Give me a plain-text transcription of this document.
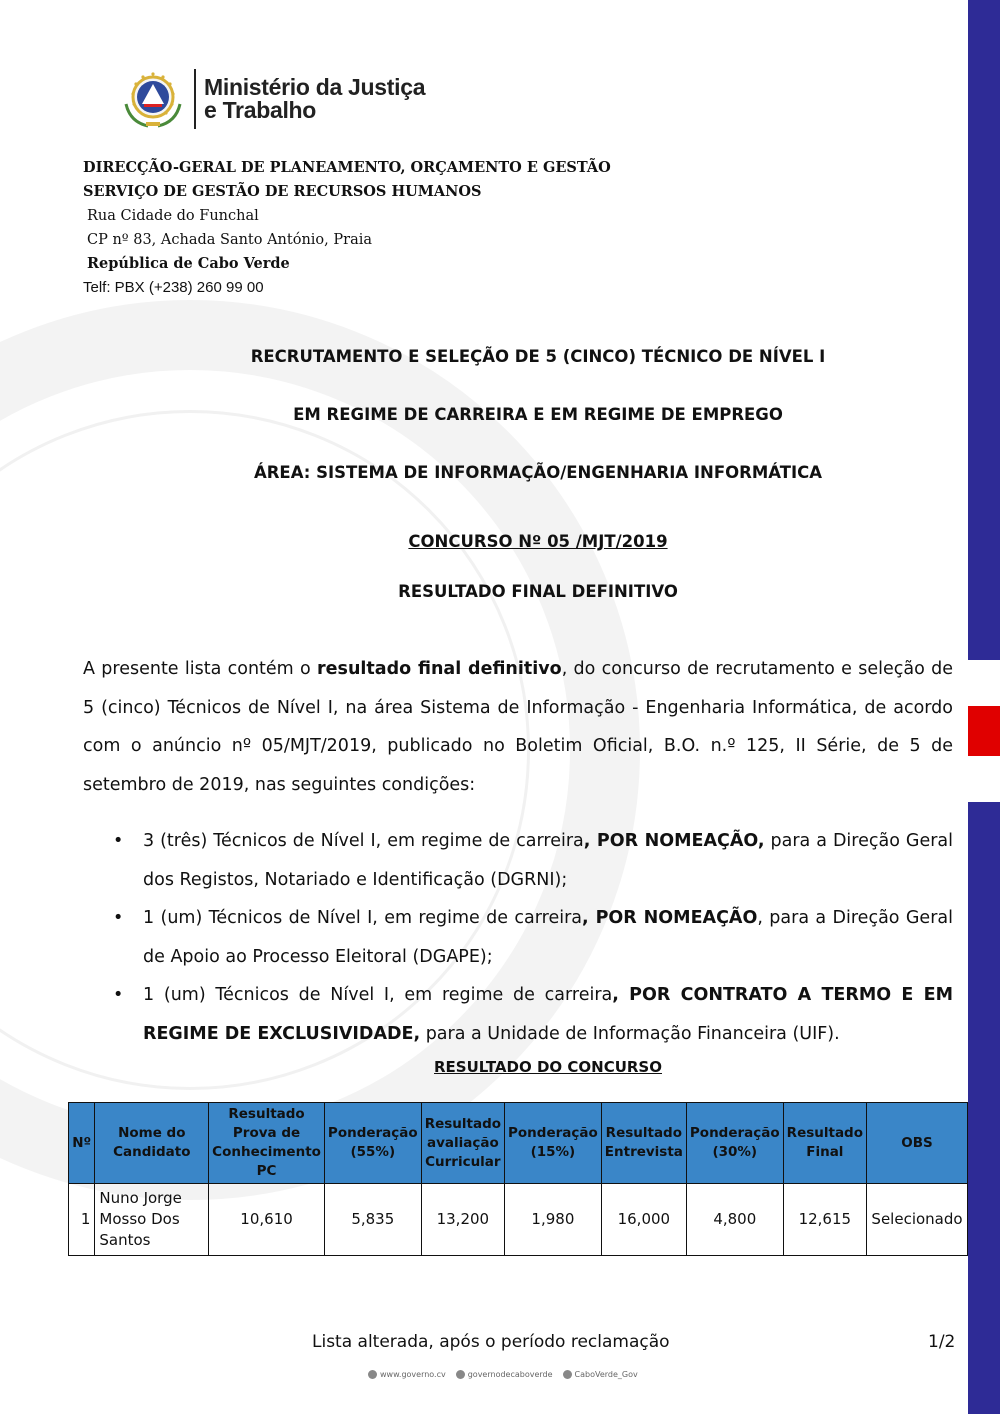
Ministério da Justiça
e Trabalho
DIRECÇÃO-GERAL DE PLANEAMENTO, ORÇAMENTO E GESTÃO
SERVIÇO DE GESTÃO DE RECURSOS HUMANOS
Rua Cidade do Funchal
CP nº 83, Achada Santo António, Praia
República de Cabo Verde
Telf: PBX (+238) 260 99 00
RECRUTAMENTO E SELEÇÃO DE 5 (CINCO) TÉCNICO DE NÍVEL I
EM REGIME DE CARREIRA E EM REGIME DE EMPREGO
ÁREA: SISTEMA DE INFORMAÇÃO/ENGENHARIA INFORMÁTICA
CONCURSO Nº 05 /MJT/2019
RESULTADO FINAL DEFINITIVO
A presente lista contém o resultado final definitivo, do concurso de recrutamento e seleção de 5 (cinco) Técnicos de Nível I, na área Sistema de Informação - Engenharia Informática, de acordo com o anúncio nº 05/MJT/2019, publicado no Boletim Oficial, B.O. n.º 125, II Série, de 5 de setembro de 2019, nas seguintes condições:
• 3 (três) Técnicos de Nível I, em regime de carreira, POR NOMEAÇÃO, para a Direção Geral dos Registos, Notariado e Identificação (DGRNI);
• 1 (um) Técnicos de Nível I, em regime de carreira, POR NOMEAÇÃO, para a Direção Geral de Apoio ao Processo Eleitoral (DGAPE);
• 1 (um) Técnicos de Nível I, em regime de carreira, POR CONTRATO A TERMO E EM REGIME DE EXCLUSIVIDADE, para a Unidade de Informação Financeira (UIF).
RESULTADO DO CONCURSO
Nº	Nome do Candidato	Resultado Prova de Conhecimento PC	Ponderação (55%)	Resultado avaliação Curricular	Ponderação (15%)	Resultado Entrevista	Ponderação (30%)	Resultado Final	OBS
1	Nuno Jorge Mosso Dos Santos	10,610	5,835	13,200	1,980	16,000	4,800	12,615	Selecionado
Lista alterada, após o período reclamação	1/2
www.governo.cv	governodecaboverde	CaboVerde_Gov
